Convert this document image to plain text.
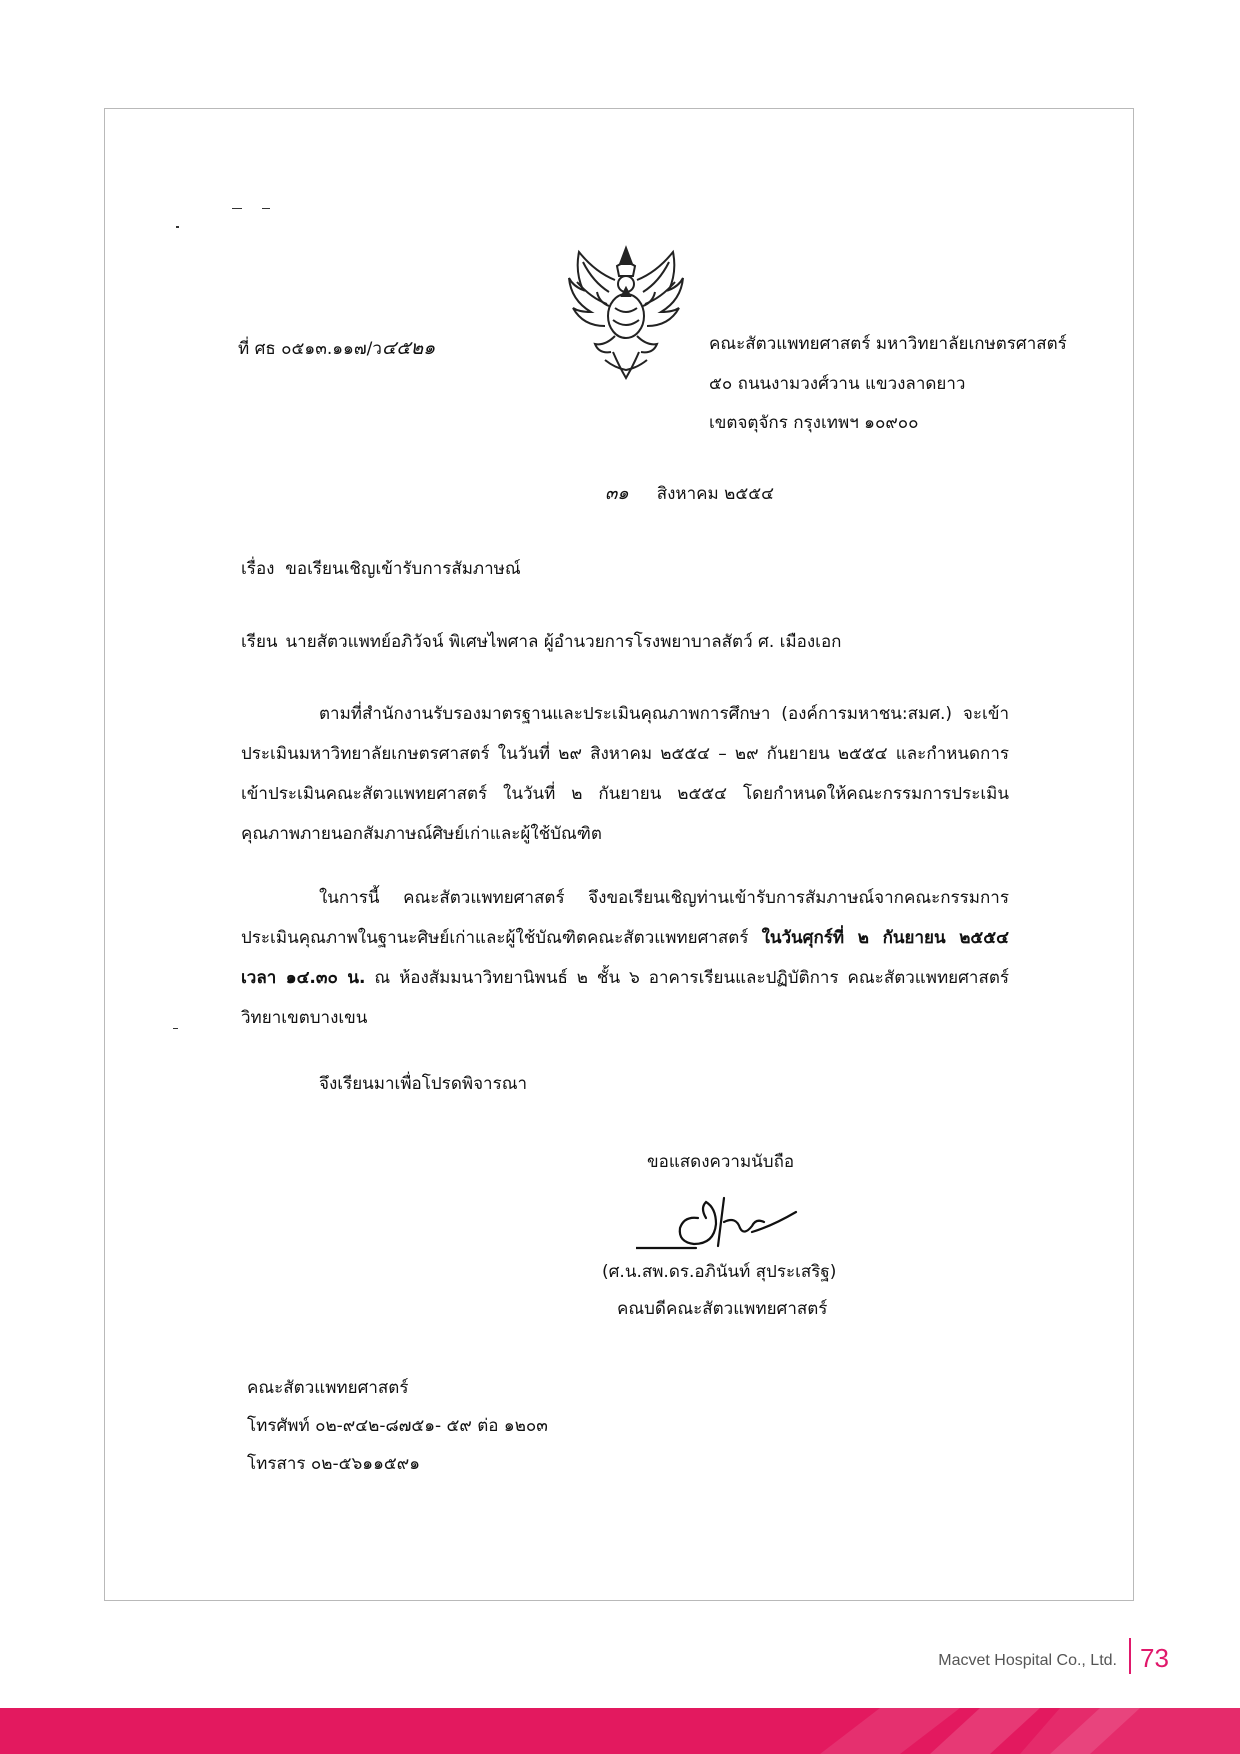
ที่ ศธ ๐๕๑๓.๑๑๗/ว๔๕๒๑	คณะสัตวแพทยศาสตร์ มหาวิทยาลัยเกษตรศาสตร์
๕๐ ถนนงามวงศ์วาน แขวงลาดยาว
เขตจตุจักร กรุงเทพฯ ๑๐๙๐๐
๓๑ สิงหาคม ๒๕๕๔
เรื่อง ขอเรียนเชิญเข้ารับการสัมภาษณ์
เรียน นายสัตวแพทย์อภิวัจน์ พิเศษไพศาล ผู้อำนวยการโรงพยาบาลสัตว์ ศ. เมืองเอก
ตามที่สำนักงานรับรองมาตรฐานและประเมินคุณภาพการศึกษา (องค์การมหาชน:สมศ.) จะเข้าประเมินมหาวิทยาลัยเกษตรศาสตร์ ในวันที่ ๒๙ สิงหาคม ๒๕๕๔ – ๒๙ กันยายน ๒๕๕๔ และกำหนดการเข้าประเมินคณะสัตวแพทยศาสตร์ ในวันที่ ๒ กันยายน ๒๕๕๔ โดยกำหนดให้คณะกรรมการประเมินคุณภาพภายนอกสัมภาษณ์ศิษย์เก่าและผู้ใช้บัณฑิต
ในการนี้ คณะสัตวแพทยศาสตร์ จึงขอเรียนเชิญท่านเข้ารับการสัมภาษณ์จากคณะกรรมการประเมินคุณภาพในฐานะศิษย์เก่าและผู้ใช้บัณฑิตคณะสัตวแพทยศาสตร์ ในวันศุกร์ที่ ๒ กันยายน ๒๕๕๔ เวลา ๑๔.๓๐ น. ณ ห้องสัมมนาวิทยานิพนธ์ ๒ ชั้น ๖ อาคารเรียนและปฏิบัติการ คณะสัตวแพทยศาสตร์ วิทยาเขตบางเขน
จึงเรียนมาเพื่อโปรดพิจารณา
ขอแสดงความนับถือ
(ศ.น.สพ.ดร.อภินันท์ สุประเสริฐ)
คณบดีคณะสัตวแพทยศาสตร์
คณะสัตวแพทยศาสตร์
โทรศัพท์ ๐๒-๙๔๒-๘๗๕๑- ๕๙ ต่อ ๑๒๐๓
โทรสาร ๐๒-๕๖๑๑๕๙๑
Macvet Hospital Co., Ltd. 73
